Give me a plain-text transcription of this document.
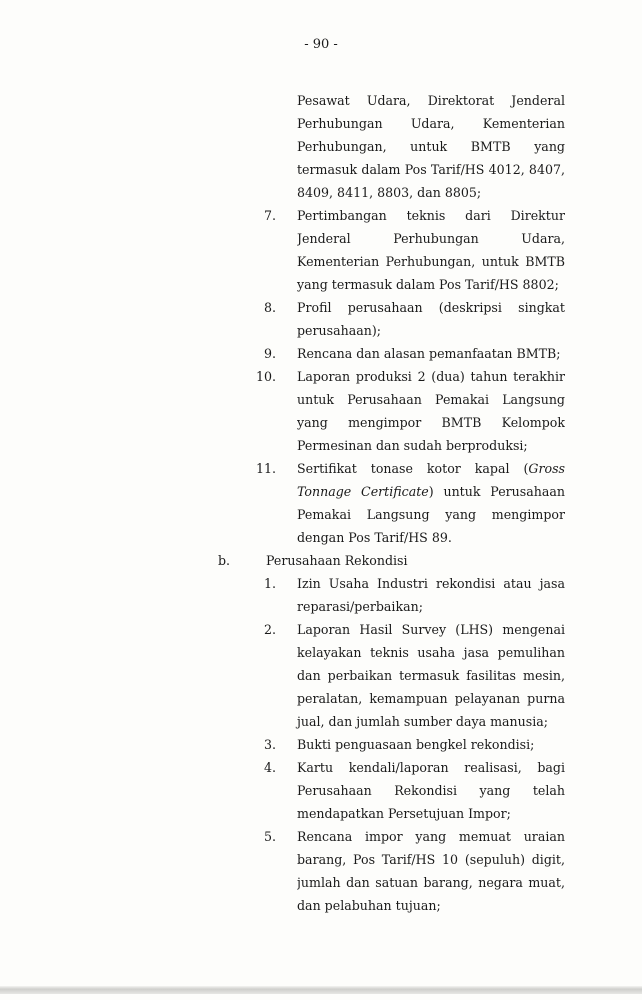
- 90 -
Pesawat Udara, Direktorat Jenderal
Perhubungan Udara, Kementerian
Perhubungan, untuk BMTB yang
termasuk dalam Pos Tarif/HS 4012, 8407,
8409, 8411, 8803, dan 8805;
7. Pertimbangan teknis dari Direktur
Jenderal Perhubungan Udara,
Kementerian Perhubungan, untuk BMTB
yang termasuk dalam Pos Tarif/HS 8802;
8. Profil perusahaan (deskripsi singkat
perusahaan);
9. Rencana dan alasan pemanfaatan BMTB;
10. Laporan produksi 2 (dua) tahun terakhir
untuk Perusahaan Pemakai Langsung
yang mengimpor BMTB Kelompok
Permesinan dan sudah berproduksi;
11. Sertifikat tonase kotor kapal (Gross
Tonnage Certificate) untuk Perusahaan
Pemakai Langsung yang mengimpor
dengan Pos Tarif/HS 89.
b.	Perusahaan Rekondisi
1. Izin Usaha Industri rekondisi atau jasa
reparasi/perbaikan;
2. Laporan Hasil Survey (LHS) mengenai
kelayakan teknis usaha jasa pemulihan
dan perbaikan termasuk fasilitas mesin,
peralatan, kemampuan pelayanan purna
jual, dan jumlah sumber daya manusia;
3. Bukti penguasaan bengkel rekondisi;
4. Kartu kendali/laporan realisasi, bagi
Perusahaan Rekondisi yang telah
mendapatkan Persetujuan Impor;
5. Rencana impor yang memuat uraian
barang, Pos Tarif/HS 10 (sepuluh) digit,
jumlah dan satuan barang, negara muat,
dan pelabuhan tujuan;
